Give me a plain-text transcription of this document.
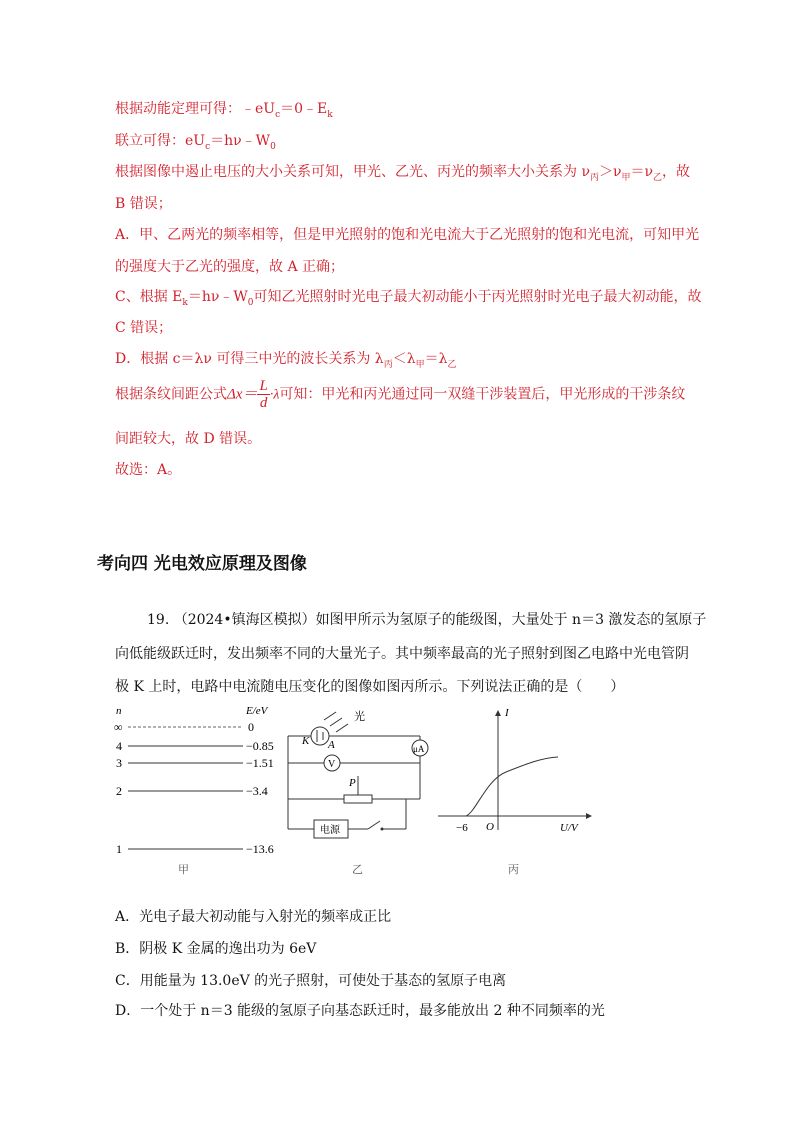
根据动能定理可得：$﹣eU_c=0﹣E_k$
联立可得：$eU_c=h\nu﹣W_0$
根据图像中遏止电压的大小关系可知，甲光、乙光、丙光的频率大小关系为 $\nu_丙>\nu_甲=\nu_乙$，故
B 错误；
A．甲、乙两光的频率相等，但是甲光照射的饱和光电流大于乙光照射的饱和光电流，可知甲光
的强度大于乙光的强度，故 A 正确；
C、根据 $E_k=h\nu﹣W_0$可知乙光照射时光电子最大初动能小于丙光照射时光电子最大初动能，故
C 错误；
D．根据 c＝λν 可得三中光的波长关系为 $\lambda_丙<\lambda_甲=\lambda_乙$
根据条纹间距公式$\Delta x= \frac{L}{d} \cdot\lambda$可知：甲光和丙光通过同一双缝干涉装置后，甲光形成的干涉条纹
间距较大，故 D 错误。
故选：A。
考向四 光电效应原理及图像
19. （2024•镇海区模拟）如图甲所示为氢原子的能级图，大量处于 n＝3 激发态的氢原子
向低能级跃迁时，发出频率不同的大量光子。其中频率最高的光子照射到图乙电路中光电管阴
极 K 上时，电路中电流随电压变化的图像如图丙所示。下列说法正确的是（　　）
n	E/eV
∞	0
4	−0.85
3	−1.51
2	−3.4
1	−13.6
甲
光
K A	μA
V
P
电源
乙
I
U/V
O
−6
丙
A．光电子最大初动能与入射光的频率成正比
B．阴极 K 金属的逸出功为 6eV
C．用能量为 13.0eV 的光子照射，可使处于基态的氢原子电离
D．一个处于 n＝3 能级的氢原子向基态跃迁时，最多能放出 2 种不同频率的光
